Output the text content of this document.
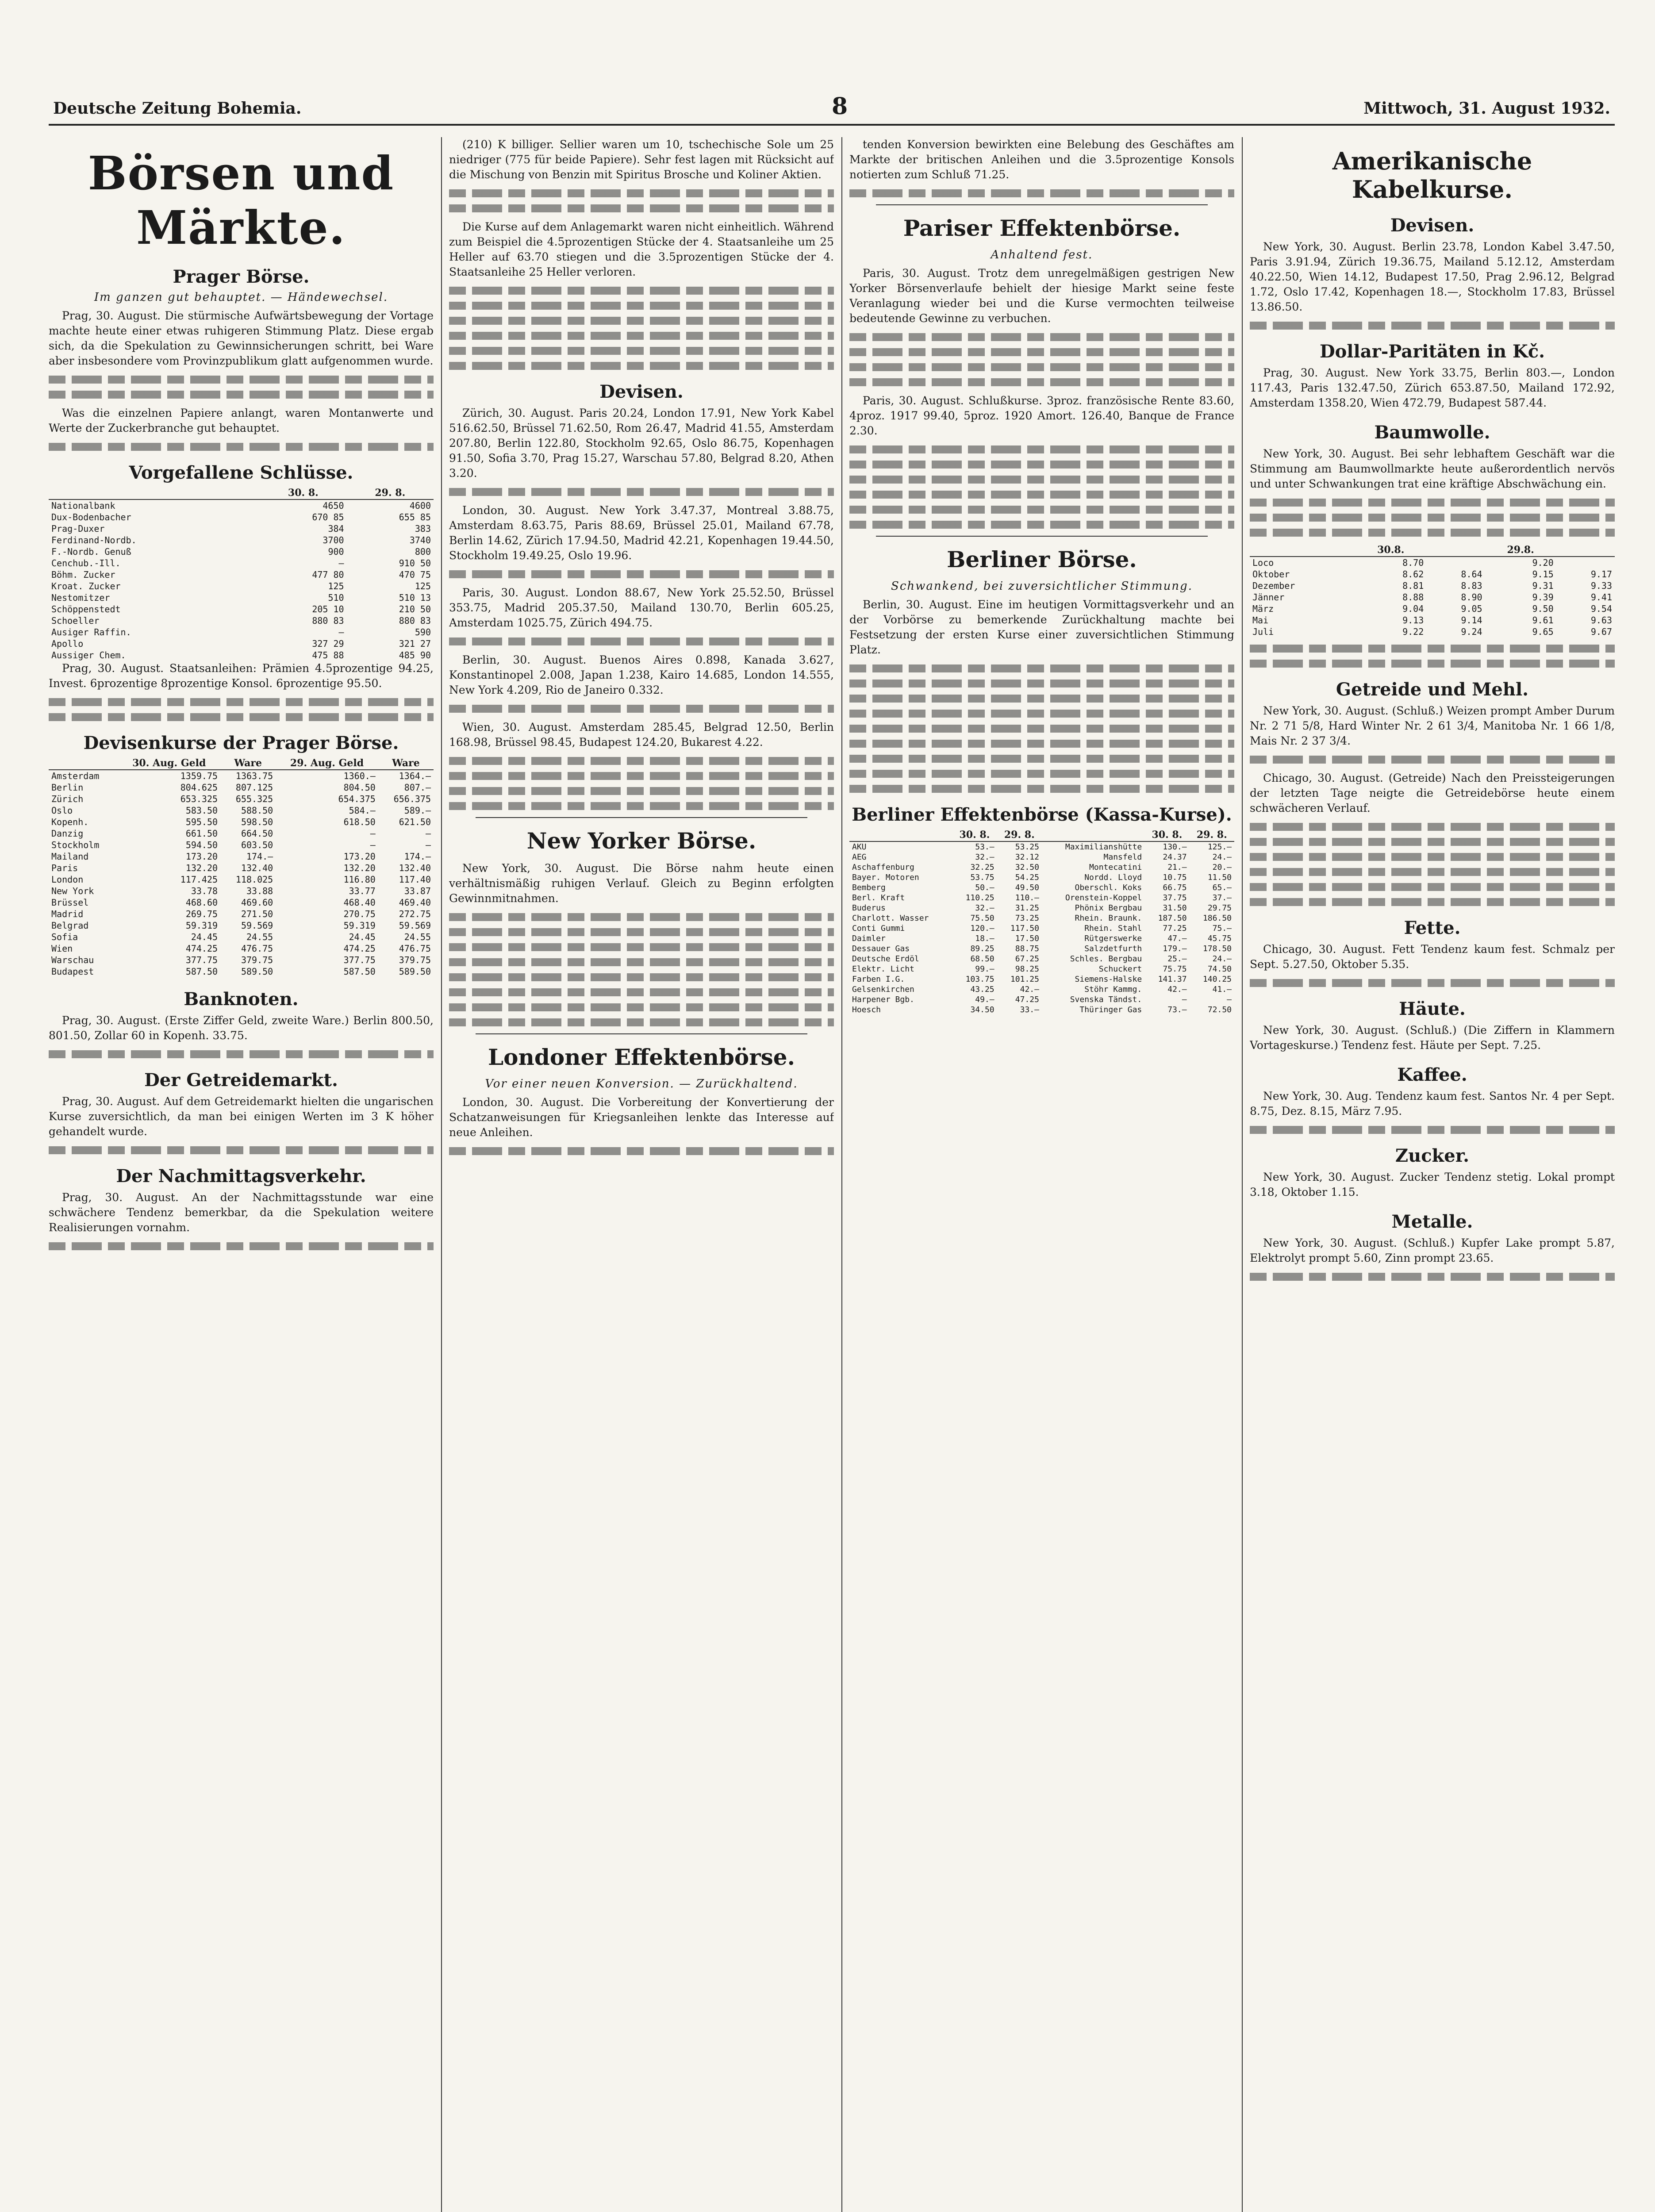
Deutsche Zeitung Bohemia.	8	Mittwoch, 31. August 1932.
Börsen und Märkte.
Prager Börse.
Im ganzen gut behauptet. — Händewechsel.

Prag, 30. August. Die stürmische Aufwärtsbewegung der Vortage machte heute einer etwas ruhigeren Stimmung Platz. Diese ergab sich, da die Spekulation zu Gewinnsicherungen schritt, bei Ware aber insbesondere vom Provinzpublikum glatt aufgenommen wurde.

Was die einzelnen Papiere anlangt, waren Montanwerte und Werte der Zuckerbranche gut behauptet.

Vorgefallene Schlüsse.
	30. 8.	29. 8.
Nationalbank	4650	4600
Dux-Bodenbacher	670 85	655 85
Prag-Duxer	384	383
Ferdinand-Nordb.	3700	3740
F.-Nordb. Genuß	900	800
Cenchub.-Ill.	—	910 50
Böhm. Zucker	477 80	470 75
Kroat. Zucker	125	125
Nestomitzer	510	510 13
Schöppenstedt	205 10	210 50
Schoeller	880 83	880 83
Ausiger Raffin.	—	590
Apollo	327 29	321 27
Aussiger Chem.	475 88	485 90

Prag, 30. August. Staatsanleihen: Prämien 4.5prozentige 94.25, Invest. 6prozentige 8prozentige Konsol. 6prozentige 95.50.

Devisenkurse der Prager Börse.
	30. Aug. Geld	Ware	29. Aug. Geld	Ware
Amsterdam	1359.75	1363.75	1360.—	1364.—
Berlin	804.625	807.125	804.50	807.—
Zürich	653.325	655.325	654.375	656.375
Oslo	583.50	588.50	584.—	589.—
Kopenh.	595.50	598.50	618.50	621.50
Danzig	661.50	664.50	—	—
Stockholm	594.50	603.50	—	—
Mailand	173.20	174.—	173.20	174.—
Paris	132.20	132.40	132.20	132.40
London	117.425	118.025	116.80	117.40
New York	33.78	33.88	33.77	33.87
Brüssel	468.60	469.60	468.40	469.40
Madrid	269.75	271.50	270.75	272.75
Belgrad	59.319	59.569	59.319	59.569
Sofia	24.45	24.55	24.45	24.55
Wien	474.25	476.75	474.25	476.75
Warschau	377.75	379.75	377.75	379.75
Budapest	587.50	589.50	587.50	589.50
Banknoten.

Prag, 30. August. (Erste Ziffer Geld, zweite Ware.) Berlin 800.50, 801.50, Zollar 60 in Kopenh. 33.75.

Der Getreidemarkt.

Prag, 30. August. Auf dem Getreidemarkt hielten die ungarischen Kurse zuversichtlich, da man bei einigen Werten im 3 K höher gehandelt wurde.

Der Nachmittagsverkehr.

Prag, 30. August. An der Nachmittagsstunde war eine schwächere Tendenz bemerkbar, da die Spekulation weitere Realisierungen vornahm.

(210) K billiger. Sellier waren um 10, tschechische Sole um 25 niedriger (775 für beide Papiere). Sehr fest lagen mit Rücksicht auf die Mischung von Benzin mit Spiritus Brosche und Koliner Aktien.

Die Kurse auf dem Anlagemarkt waren nicht einheitlich. Während zum Beispiel die 4.5prozentigen Stücke der 4. Staatsanleihe um 25 Heller auf 63.70 stiegen und die 3.5prozentigen Stücke der 4. Staatsanleihe 25 Heller verloren.

Devisen.

Zürich, 30. August. Paris 20.24, London 17.91, New York Kabel 516.62.50, Brüssel 71.62.50, Rom 26.47, Madrid 41.55, Amsterdam 207.80, Berlin 122.80, Stockholm 92.65, Oslo 86.75, Kopenhagen 91.50, Sofia 3.70, Prag 15.27, Warschau 57.80, Belgrad 8.20, Athen 3.20.

London, 30. August. New York 3.47.37, Montreal 3.88.75, Amsterdam 8.63.75, Paris 88.69, Brüssel 25.01, Mailand 67.78, Berlin 14.62, Zürich 17.94.50, Madrid 42.21, Kopenhagen 19.44.50, Stockholm 19.49.25, Oslo 19.96.

Paris, 30. August. London 88.67, New York 25.52.50, Brüssel 353.75, Madrid 205.37.50, Mailand 130.70, Berlin 605.25, Amsterdam 1025.75, Zürich 494.75.

Berlin, 30. August. Buenos Aires 0.898, Kanada 3.627, Konstantinopel 2.008, Japan 1.238, Kairo 14.685, London 14.555, New York 4.209, Rio de Janeiro 0.332.

Wien, 30. August. Amsterdam 285.45, Belgrad 12.50, Berlin 168.98, Brüssel 98.45, Budapest 124.20, Bukarest 4.22.

New Yorker Börse.

New York, 30. August. Die Börse nahm heute einen verhältnismäßig ruhigen Verlauf. Gleich zu Beginn erfolgten Gewinnmitnahmen.

Londoner Effektenbörse.
Vor einer neuen Konversion. — Zurückhaltend.

London, 30. August. Die Vorbereitung der Konvertierung der Schatzanweisungen für Kriegsanleihen lenkte das Interesse auf neue Anleihen.

tenden Konversion bewirkten eine Belebung des Geschäftes am Markte der britischen Anleihen und die 3.5prozentige Konsols notierten zum Schluß 71.25.

Pariser Effektenbörse.
Anhaltend fest.

Paris, 30. August. Trotz dem unregelmäßigen gestrigen New Yorker Börsenverlaufe behielt der hiesige Markt seine feste Veranlagung wieder bei und die Kurse vermochten teilweise bedeutende Gewinne zu verbuchen.

Paris, 30. August. Schlußkurse. 3proz. französische Rente 83.60, 4proz. 1917 99.40, 5proz. 1920 Amort. 126.40, Banque de France 2.30.

Berliner Börse.
Schwankend, bei zuversichtlicher Stimmung.

Berlin, 30. August. Eine im heutigen Vormittagsverkehr und an der Vorbörse zu bemerkende Zurückhaltung machte bei Festsetzung der ersten Kurse einer zuversichtlichen Stimmung Platz.

Berliner Effektenbörse (Kassa-Kurse).
	30. 8.	29. 8.		30. 8.	29. 8.
AKU	53.—	53.25	Maximilianshütte	130.—	125.—
AEG	32.—	32.12	Mansfeld	24.37	24.—
Aschaffenburg	32.25	32.50	Montecatini	21.—	20.—
Bayer. Motoren	53.75	54.25	Nordd. Lloyd	10.75	11.50
Bemberg	50.—	49.50	Oberschl. Koks	66.75	65.—
Berl. Kraft	110.25	110.—	Orenstein-Koppel	37.75	37.—
Buderus	32.—	31.25	Phönix Bergbau	31.50	29.75
Charlott. Wasser	75.50	73.25	Rhein. Braunk.	187.50	186.50
Conti Gummi	120.—	117.50	Rhein. Stahl	77.25	75.—
Daimler	18.—	17.50	Rütgerswerke	47.—	45.75
Dessauer Gas	89.25	88.75	Salzdetfurth	179.—	178.50
Deutsche Erdöl	68.50	67.25	Schles. Bergbau	25.—	24.—
Elektr. Licht	99.—	98.25	Schuckert	75.75	74.50
Farben I.G.	103.75	101.25	Siemens-Halske	141.37	140.25
Gelsenkirchen	43.25	42.—	Stöhr Kammg.	42.—	41.—
Harpener Bgb.	49.—	47.25	Svenska Tändst.	—	—
Hoesch	34.50	33.—	Thüringer Gas	73.—	72.50
Amerikanische Kabelkurse.
Devisen.

New York, 30. August. Berlin 23.78, London Kabel 3.47.50, Paris 3.91.94, Zürich 19.36.75, Mailand 5.12.12, Amsterdam 40.22.50, Wien 14.12, Budapest 17.50, Prag 2.96.12, Belgrad 1.72, Oslo 17.42, Kopenhagen 18.—, Stockholm 17.83, Brüssel 13.86.50.

Dollar-Paritäten in Kč.

Prag, 30. August. New York 33.75, Berlin 803.—, London 117.43, Paris 132.47.50, Zürich 653.87.50, Mailand 172.92, Amsterdam 1358.20, Wien 472.79, Budapest 587.44.

Baumwolle.

New York, 30. August. Bei sehr lebhaftem Geschäft war die Stimmung am Baumwollmarkte heute außerordentlich nervös und unter Schwankungen trat eine kräftige Abschwächung ein.

	30.8.		29.8.	
Loco	8.70		9.20	
Oktober	8.62	8.64	9.15	9.17
Dezember	8.81	8.83	9.31	9.33
Jänner	8.88	8.90	9.39	9.41
März	9.04	9.05	9.50	9.54
Mai	9.13	9.14	9.61	9.63
Juli	9.22	9.24	9.65	9.67
Getreide und Mehl.

New York, 30. August. (Schluß.) Weizen prompt Amber Durum Nr. 2 71 5/8, Hard Winter Nr. 2 61 3/4, Manitoba Nr. 1 66 1/8, Mais Nr. 2 37 3/4.

Chicago, 30. August. (Getreide) Nach den Preissteigerungen der letzten Tage neigte die Getreidebörse heute einem schwächeren Verlauf.

Fette.

Chicago, 30. August. Fett Tendenz kaum fest. Schmalz per Sept. 5.27.50, Oktober 5.35.

Häute.

New York, 30. August. (Schluß.) (Die Ziffern in Klammern Vortageskurse.) Tendenz fest. Häute per Sept. 7.25.

Kaffee.

New York, 30. Aug. Tendenz kaum fest. Santos Nr. 4 per Sept. 8.75, Dez. 8.15, März 7.95.

Zucker.

New York, 30. August. Zucker Tendenz stetig. Lokal prompt 3.18, Oktober 1.15.

Metalle.

New York, 30. August. (Schluß.) Kupfer Lake prompt 5.87, Elektrolyt prompt 5.60, Zinn prompt 23.65.
